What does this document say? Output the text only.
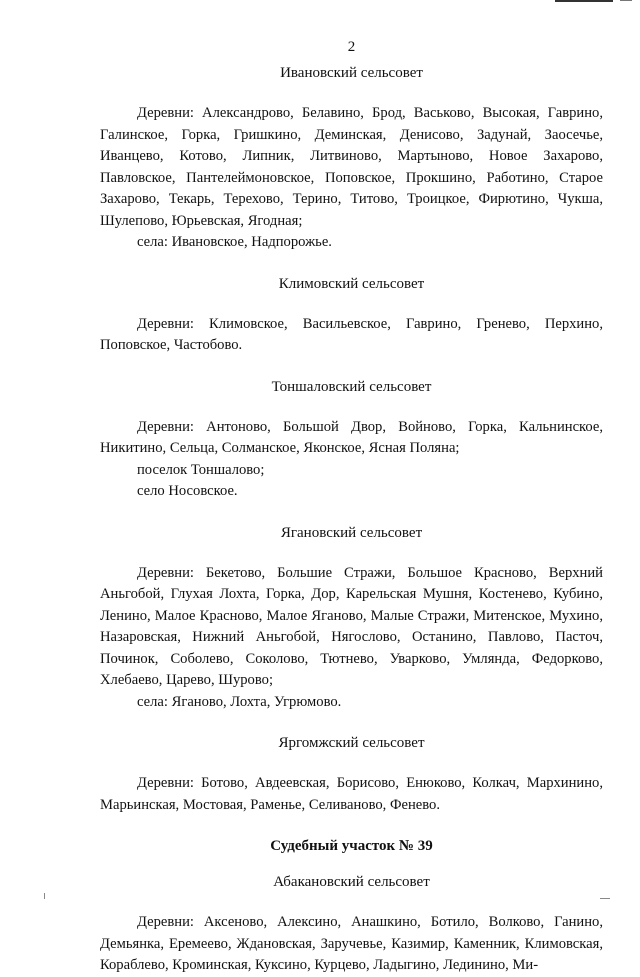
2
Ивановский сельсовет

Деревни: Александрово, Белавино, Брод, Васьково, Высокая, Гаврино, Галинское, Горка, Гришкино, Деминская, Денисово, Задунай, Заосечье, Иванцево, Котово, Липник, Литвиново, Мартыново, Новое Захарово, Павловское, Пантелеймоновское, Поповское, Прокшино, Работино, Старое Захарово, Текарь, Терехово, Терино, Титово, Троицкое, Фирютино, Чукша, Шулепово, Юрьевская, Ягодная;

села: Ивановское, Надпорожье.

Климовский сельсовет

Деревни: Климовское, Васильевское, Гаврино, Гренево, Перхино, Поповское, Частобово.

Тоншаловский сельсовет

Деревни: Антоново, Большой Двор, Войново, Горка, Кальнинское, Никитино, Сельца, Солманское, Яконское, Ясная Поляна;

поселок Тоншалово;

село Носовское.

Ягановский сельсовет

Деревни: Бекетово, Большие Стражи, Большое Красново, Верхний Аньгобой, Глухая Лохта, Горка, Дор, Карельская Мушня, Костенево, Кубино, Ленино, Малое Красново, Малое Ягановo, Малые Стражи, Митенское, Мухино, Назаровская, Нижний Аньгобой, Нягослово, Останино, Павлово, Пасточ, Починок, Соболево, Соколово, Тютнево, Уварково, Умлянда, Федорково, Хлебаево, Царево, Шурово;

села: Яганово, Лохта, Угрюмово.

Яргомжский сельсовет

Деревни: Ботово, Авдеевская, Борисово, Енюково, Колкач, Мархинино, Марьинская, Мостовая, Раменье, Селиваново, Фенево.

Судебный участок № 39
Абакановский сельсовет

Деревни: Аксеново, Алексино, Анашкино, Ботило, Волково, Ганино, Демьянка, Еремеево, Ждановская, Заручевье, Казимир, Каменник, Климовская, Кораблево, Кроминская, Куксино, Курцево, Ладыгино, Лединино, Ми-
